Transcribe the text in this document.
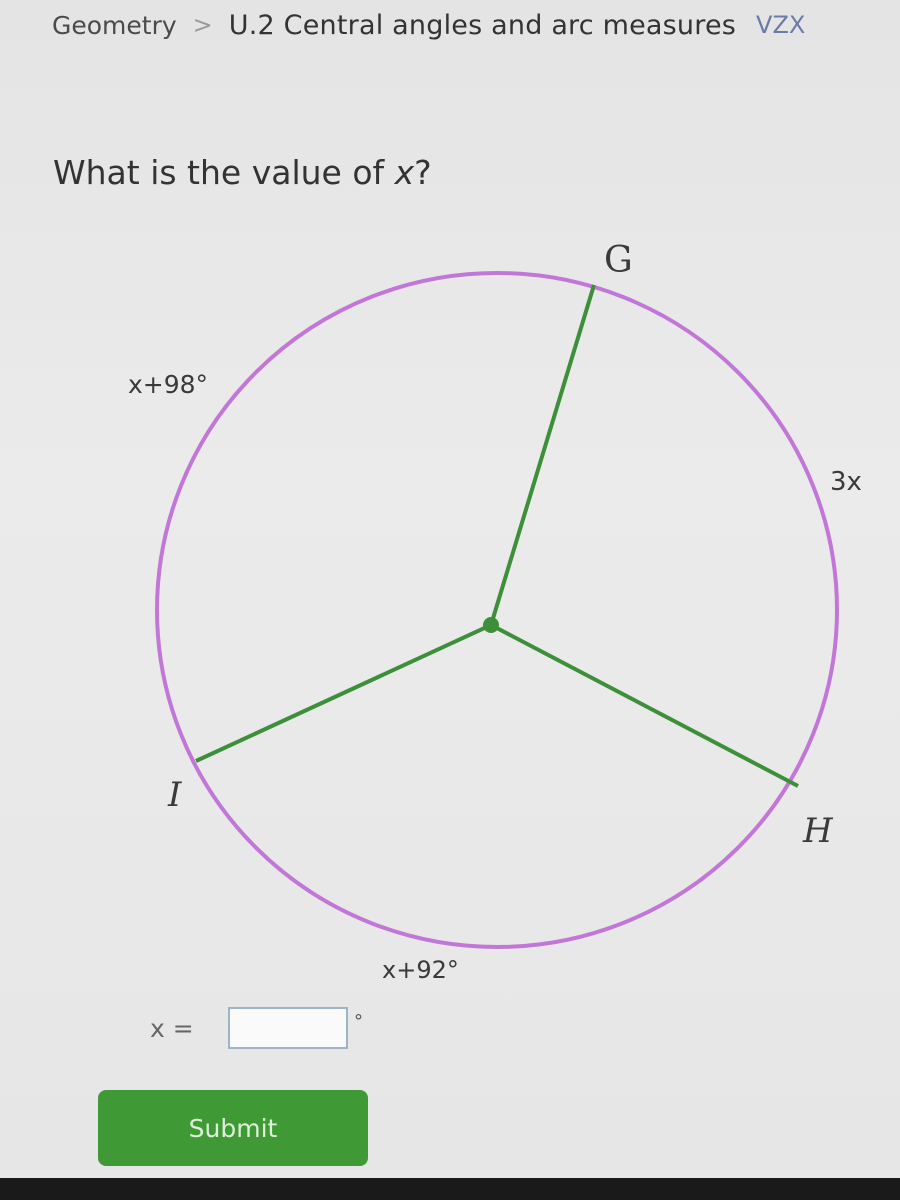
Geometry > U.2 Central angles and arc measures VZX
What is the value of x?
G
H
I
x+98°
3x
x+92°
x =	°
Submit
